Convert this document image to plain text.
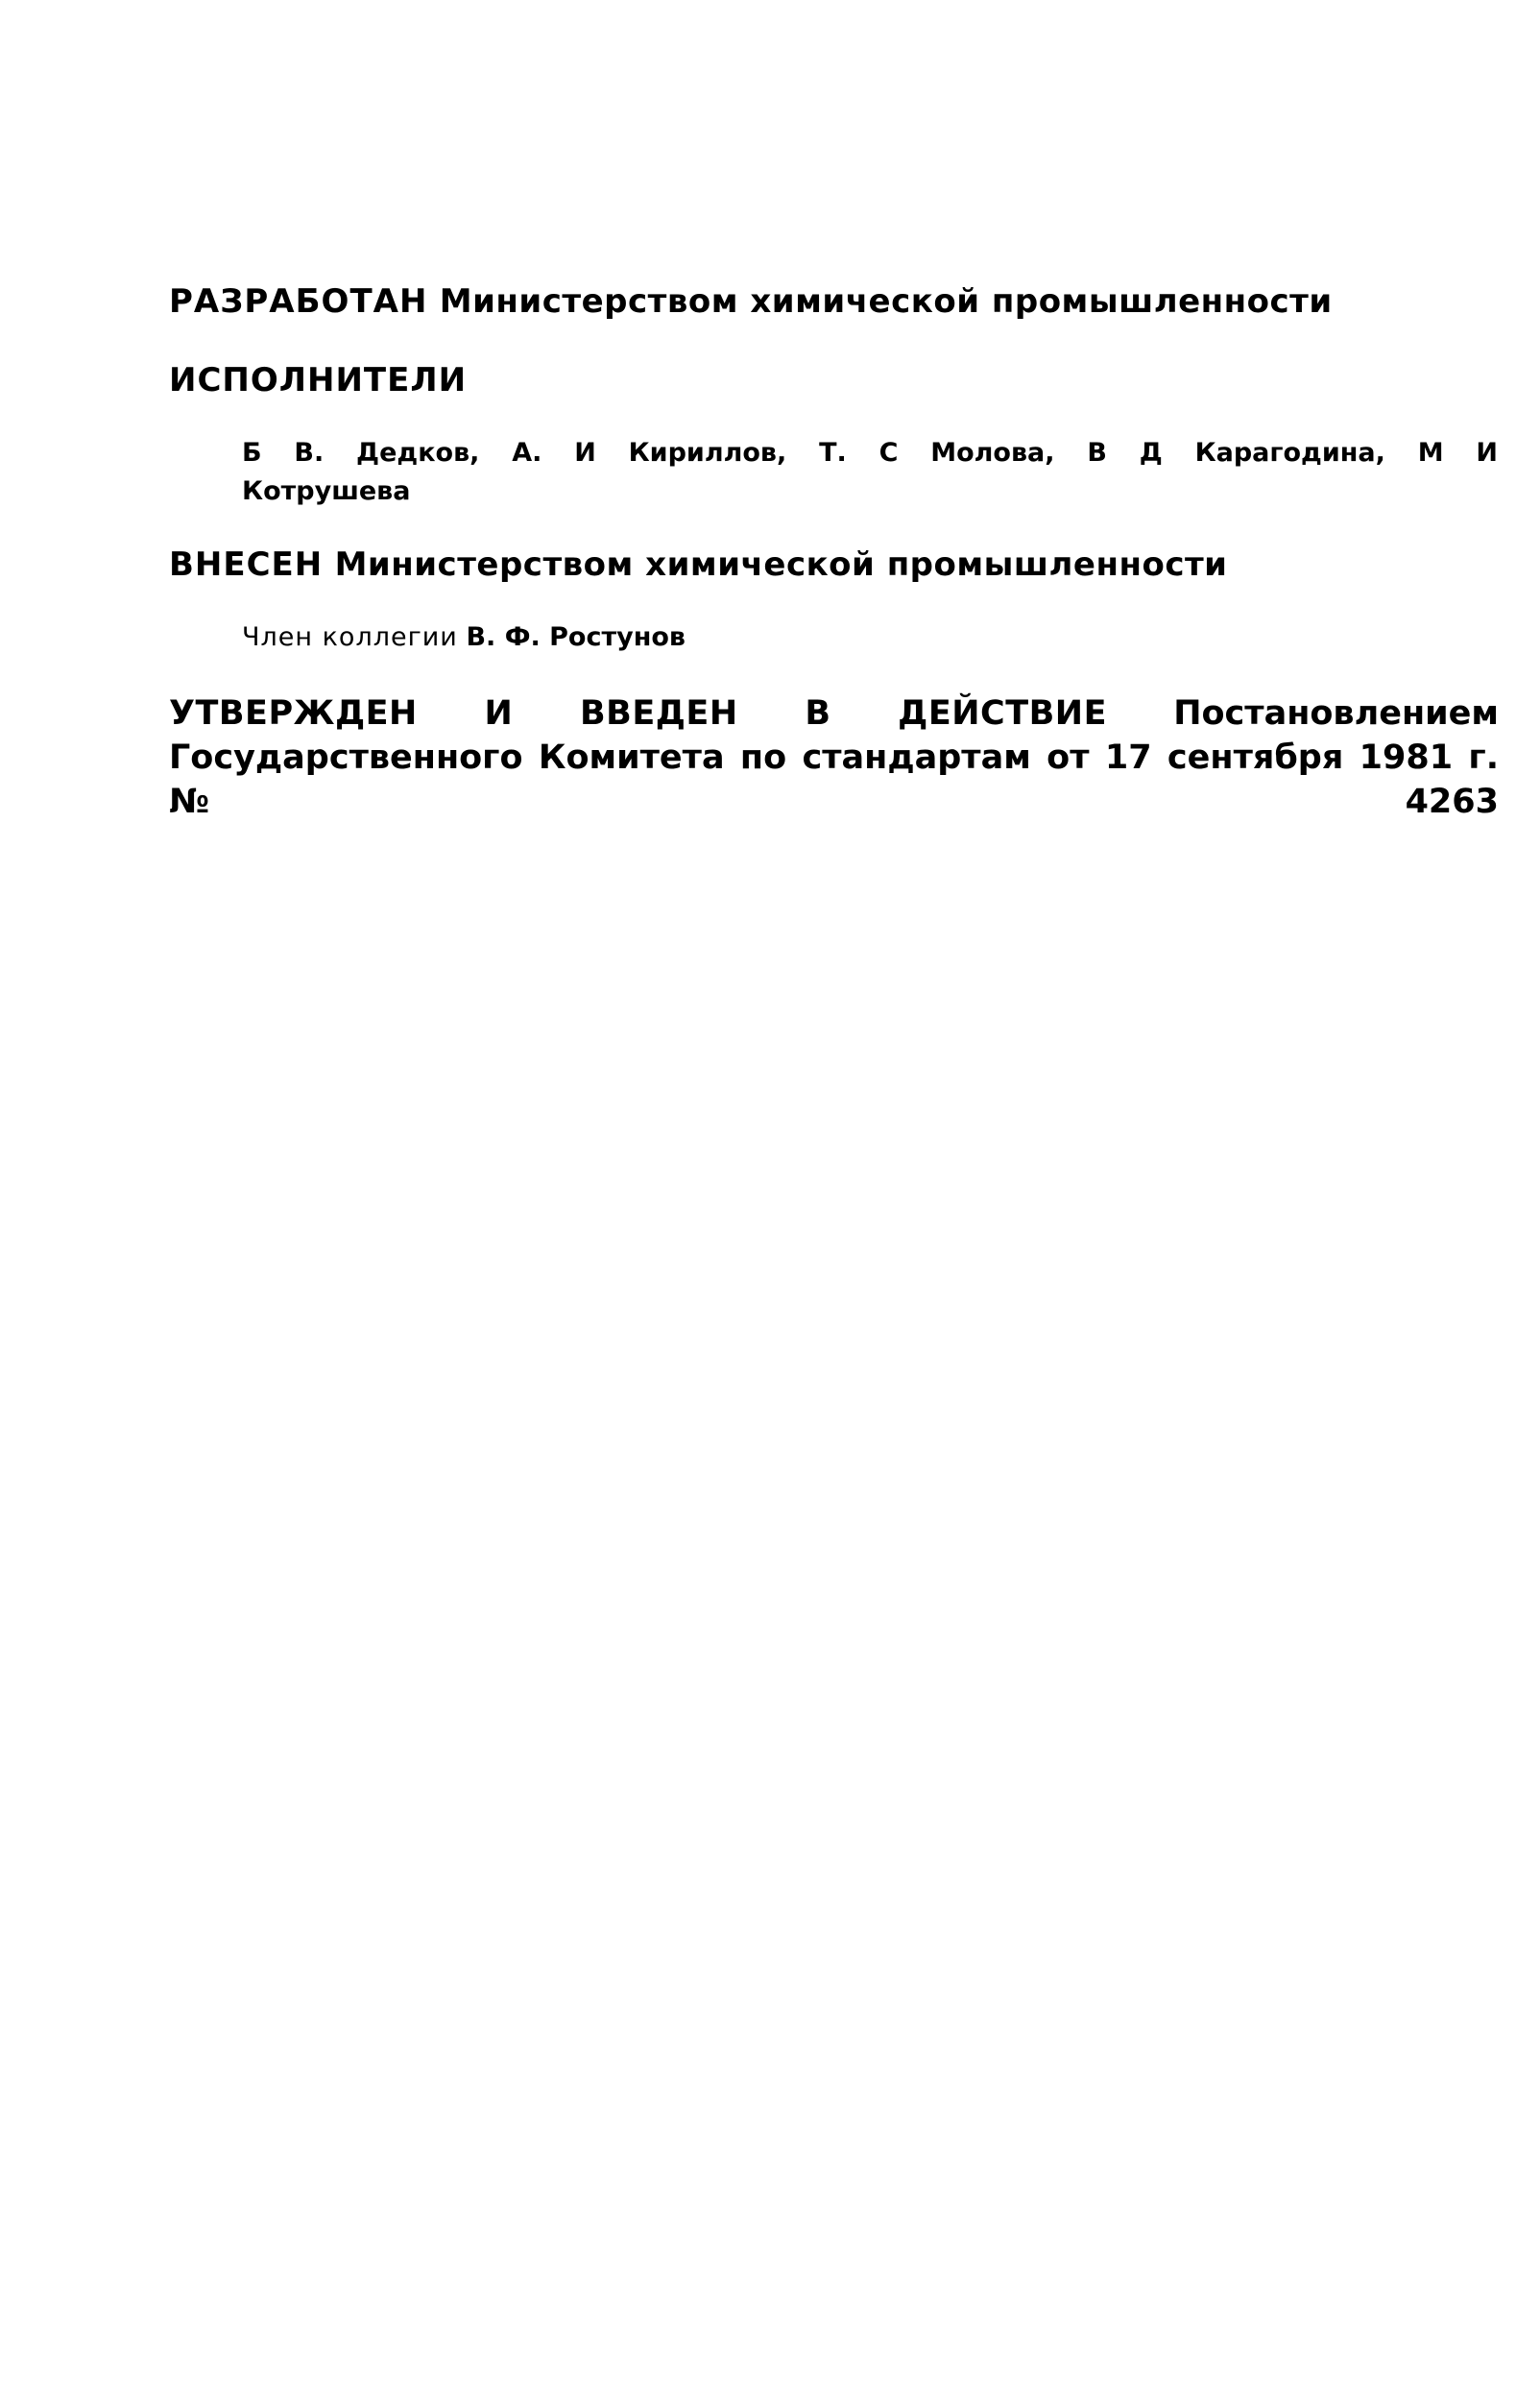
РАЗРАБОТАН Министерством химической промышленности

ИСПОЛНИТЕЛИ

Б В. Дедков, А. И Кириллов, Т. С Молова, В Д Карагодина, М И Котрушева

ВНЕСЕН Министерством химической промышленности

Член коллегии В. Ф. Ростунов

УТВЕРЖДЕН И ВВЕДЕН В ДЕЙСТВИЕ Постановлением Государственного Комитета по стандартам от 17 сентября 1981 г. № 4263
